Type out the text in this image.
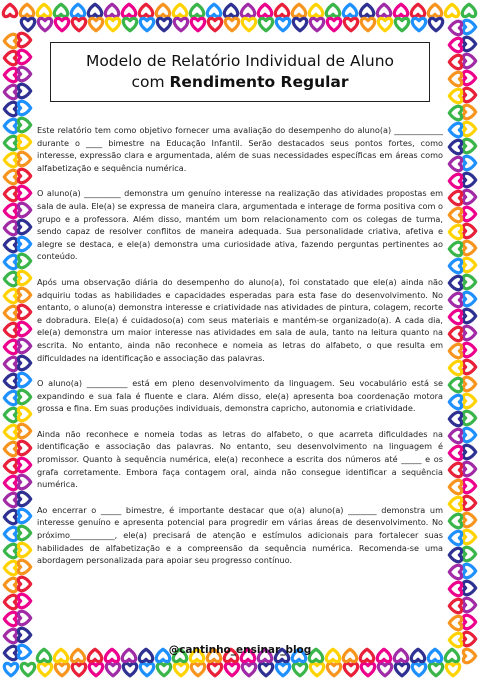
Modelo de Relatório Individual de Aluno
com Rendimento Regular

Este relatório tem como objetivo fornecer uma avaliação do desempenho do aluno(a) ____________ durante o ____ bimestre na Educação Infantil. Serão destacados seus pontos fortes, como interesse, expressão clara e argumentada, além de suas necessidades específicas em áreas como alfabetização e sequência numérica.

O aluno(a) _________ demonstra um genuíno interesse na realização das atividades propostas em sala de aula. Ele(a) se expressa de maneira clara, argumentada e interage de forma positiva com o grupo e a professora. Além disso, mantém um bom relacionamento com os colegas de turma, sendo capaz de resolver conflitos de maneira adequada. Sua personalidade criativa, afetiva e alegre se destaca, e ele(a) demonstra uma curiosidade ativa, fazendo perguntas pertinentes ao conteúdo.

Após uma observação diária do desempenho do aluno(a), foi constatado que ele(a) ainda não adquiriu todas as habilidades e capacidades esperadas para esta fase do desenvolvimento. No entanto, o aluno(a) demonstra interesse e criatividade nas atividades de pintura, colagem, recorte e dobradura. Ele(a) é cuidadoso(a) com seus materiais e mantém-se organizado(a). A cada dia, ele(a) demonstra um maior interesse nas atividades em sala de aula, tanto na leitura quanto na escrita. No entanto, ainda não reconhece e nomeia as letras do alfabeto, o que resulta em dificuldades na identificação e associação das palavras.

O aluno(a) __________ está em pleno desenvolvimento da linguagem. Seu vocabulário está se expandindo e sua fala é fluente e clara. Além disso, ele(a) apresenta boa coordenação motora grossa e fina. Em suas produções individuais, demonstra capricho, autonomia e criatividade.

Ainda não reconhece e nomeia todas as letras do alfabeto, o que acarreta dificuldades na identificação e associação das palavras. No entanto, seu desenvolvimento na linguagem é promissor. Quanto à sequência numérica, ele(a) reconhece a escrita dos números até _____ e os grafa corretamente. Embora faça contagem oral, ainda não consegue identificar a sequência numérica.

Ao encerrar o _____ bimestre, é importante destacar que o(a) aluno(a) _______ demonstra um interesse genuíno e apresenta potencial para progredir em várias áreas de desenvolvimento. No próximo___________, ele(a) precisará de atenção e estímulos adicionais para fortalecer suas habilidades de alfabetização e a compreensão da sequência numérica. Recomenda-se uma abordagem personalizada para apoiar seu progresso contínuo.

@cantinho_ensinar_blog
